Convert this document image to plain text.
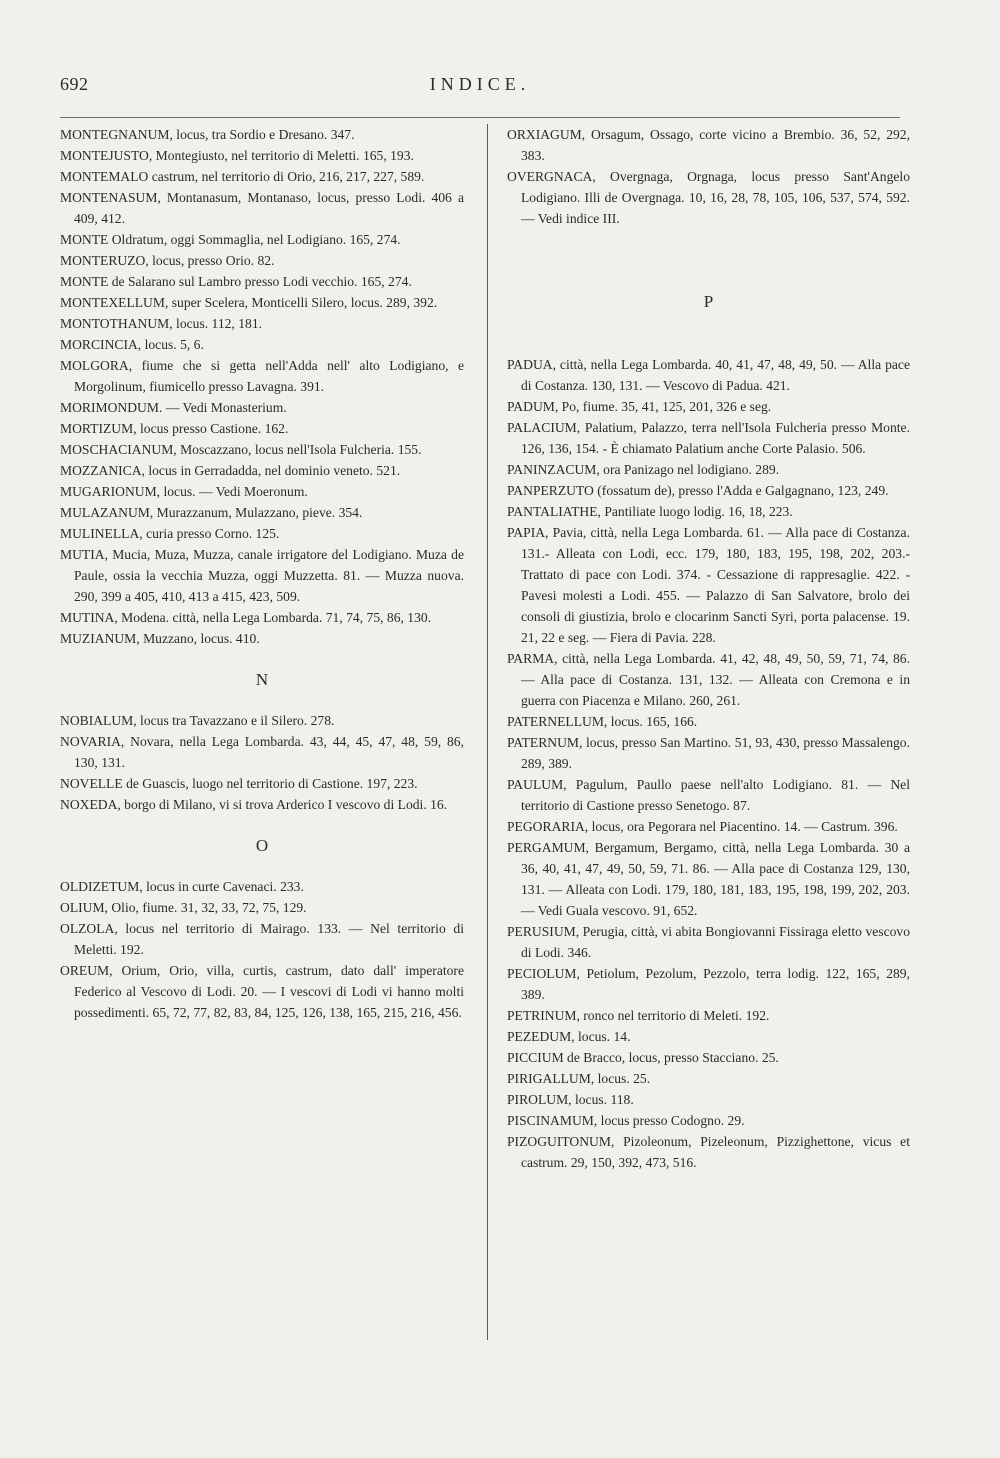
692	INDICE.

MONTEGNANUM, locus, tra Sordio e Dresano. 347.

MONTEJUSTO, Montegiusto, nel territorio di Meletti. 165, 193.

MONTEMALO castrum, nel territorio di Orio, 216, 217, 227, 589.

MONTENASUM, Montanasum, Montanaso, locus, presso Lodi. 406 a 409, 412.

MONTE Oldratum, oggi Sommaglia, nel Lodigiano. 165, 274.

MONTERUZO, locus, presso Orio. 82.

MONTE de Salarano sul Lambro presso Lodi vecchio. 165, 274.

MONTEXELLUM, super Scelera, Monticelli Silero, locus. 289, 392.

MONTOTHANUM, locus. 112, 181.

MORCINCIA, locus. 5, 6.

MOLGORA, fiume che si getta nell'Adda nell' alto Lodigiano, e Morgolinum, fiumicello presso Lavagna. 391.

MORIMONDUM. — Vedi Monasterium.

MORTIZUM, locus presso Castione. 162.

MOSCHACIANUM, Moscazzano, locus nell'Isola Fulcheria. 155.

MOZZANICA, locus in Gerradadda, nel dominio veneto. 521.

MUGARIONUM, locus. — Vedi Moeronum.

MULAZANUM, Murazzanum, Mulazzano, pieve. 354.

MULINELLA, curia presso Corno. 125.

MUTIA, Mucia, Muza, Muzza, canale irrigatore del Lodigiano. Muza de Paule, ossia la vecchia Muzza, oggi Muzzetta. 81. — Muzza nuova. 290, 399 a 405, 410, 413 a 415, 423, 509.

MUTINA, Modena. città, nella Lega Lombarda. 71, 74, 75, 86, 130.

MUZIANUM, Muzzano, locus. 410.

N

NOBIALUM, locus tra Tavazzano e il Silero. 278.

NOVARIA, Novara, nella Lega Lombarda. 43, 44, 45, 47, 48, 59, 86, 130, 131.

NOVELLE de Guascis, luogo nel territorio di Castione. 197, 223.

NOXEDA, borgo di Milano, vi si trova Arderico I vescovo di Lodi. 16.

O

OLDIZETUM, locus in curte Cavenaci. 233.

OLIUM, Olio, fiume. 31, 32, 33, 72, 75, 129.

OLZOLA, locus nel territorio di Mairago. 133. — Nel territorio di Meletti. 192.

OREUM, Orium, Orio, villa, curtis, castrum, dato dall' imperatore Federico al Vescovo di Lodi. 20. — I vescovi di Lodi vi hanno molti possedimenti. 65, 72, 77, 82, 83, 84, 125, 126, 138, 165, 215, 216, 456.

ORXIAGUM, Orsagum, Ossago, corte vicino a Brembio. 36, 52, 292, 383.

OVERGNACA, Overgnaga, Orgnaga, locus presso Sant'Angelo Lodigiano. Illi de Overgnaga. 10, 16, 28, 78, 105, 106, 537, 574, 592. — Vedi indice III.

P

PADUA, città, nella Lega Lombarda. 40, 41, 47, 48, 49, 50. — Alla pace di Costanza. 130, 131. — Vescovo di Padua. 421.

PADUM, Po, fiume. 35, 41, 125, 201, 326 e seg.

PALACIUM, Palatium, Palazzo, terra nell'Isola Fulcheria presso Monte. 126, 136, 154. - È chiamato Palatium anche Corte Palasio. 506.

PANINZACUM, ora Panizago nel lodigiano. 289.

PANPERZUTO (fossatum de), presso l'Adda e Galgagnano, 123, 249.

PANTALIATHE, Pantiliate luogo lodig. 16, 18, 223.

PAPIA, Pavia, città, nella Lega Lombarda. 61. — Alla pace di Costanza. 131.- Alleata con Lodi, ecc. 179, 180, 183, 195, 198, 202, 203.- Trattato di pace con Lodi. 374. - Cessazione di rappresaglie. 422. - Pavesi molesti a Lodi. 455. — Palazzo di San Salvatore, brolo dei consoli di giustizia, brolo e clocarinm Sancti Syri, porta palacense. 19. 21, 22 e seg. — Fiera di Pavia. 228.

PARMA, città, nella Lega Lombarda. 41, 42, 48, 49, 50, 59, 71, 74, 86. — Alla pace di Costanza. 131, 132. — Alleata con Cremona e in guerra con Piacenza e Milano. 260, 261.

PATERNELLUM, locus. 165, 166.

PATERNUM, locus, presso San Martino. 51, 93, 430, presso Massalengo. 289, 389.

PAULUM, Pagulum, Paullo paese nell'alto Lodigiano. 81. — Nel territorio di Castione presso Senetogo. 87.

PEGORARIA, locus, ora Pegorara nel Piacentino. 14. — Castrum. 396.

PERGAMUM, Bergamum, Bergamo, città, nella Lega Lombarda. 30 a 36, 40, 41, 47, 49, 50, 59, 71. 86. — Alla pace di Costanza 129, 130, 131. — Alleata con Lodi. 179, 180, 181, 183, 195, 198, 199, 202, 203. — Vedi Guala vescovo. 91, 652.

PERUSIUM, Perugia, città, vi abita Bongiovanni Fissiraga eletto vescovo di Lodi. 346.

PECIOLUM, Petiolum, Pezolum, Pezzolo, terra lodig. 122, 165, 289, 389.

PETRINUM, ronco nel territorio di Meleti. 192.

PEZEDUM, locus. 14.

PICCIUM de Bracco, locus, presso Stacciano. 25.

PIRIGALLUM, locus. 25.

PIROLUM, locus. 118.

PISCINAMUM, locus presso Codogno. 29.

PIZOGUITONUM, Pizoleonum, Pizeleonum, Pizzighettone, vicus et castrum. 29, 150, 392, 473, 516.
